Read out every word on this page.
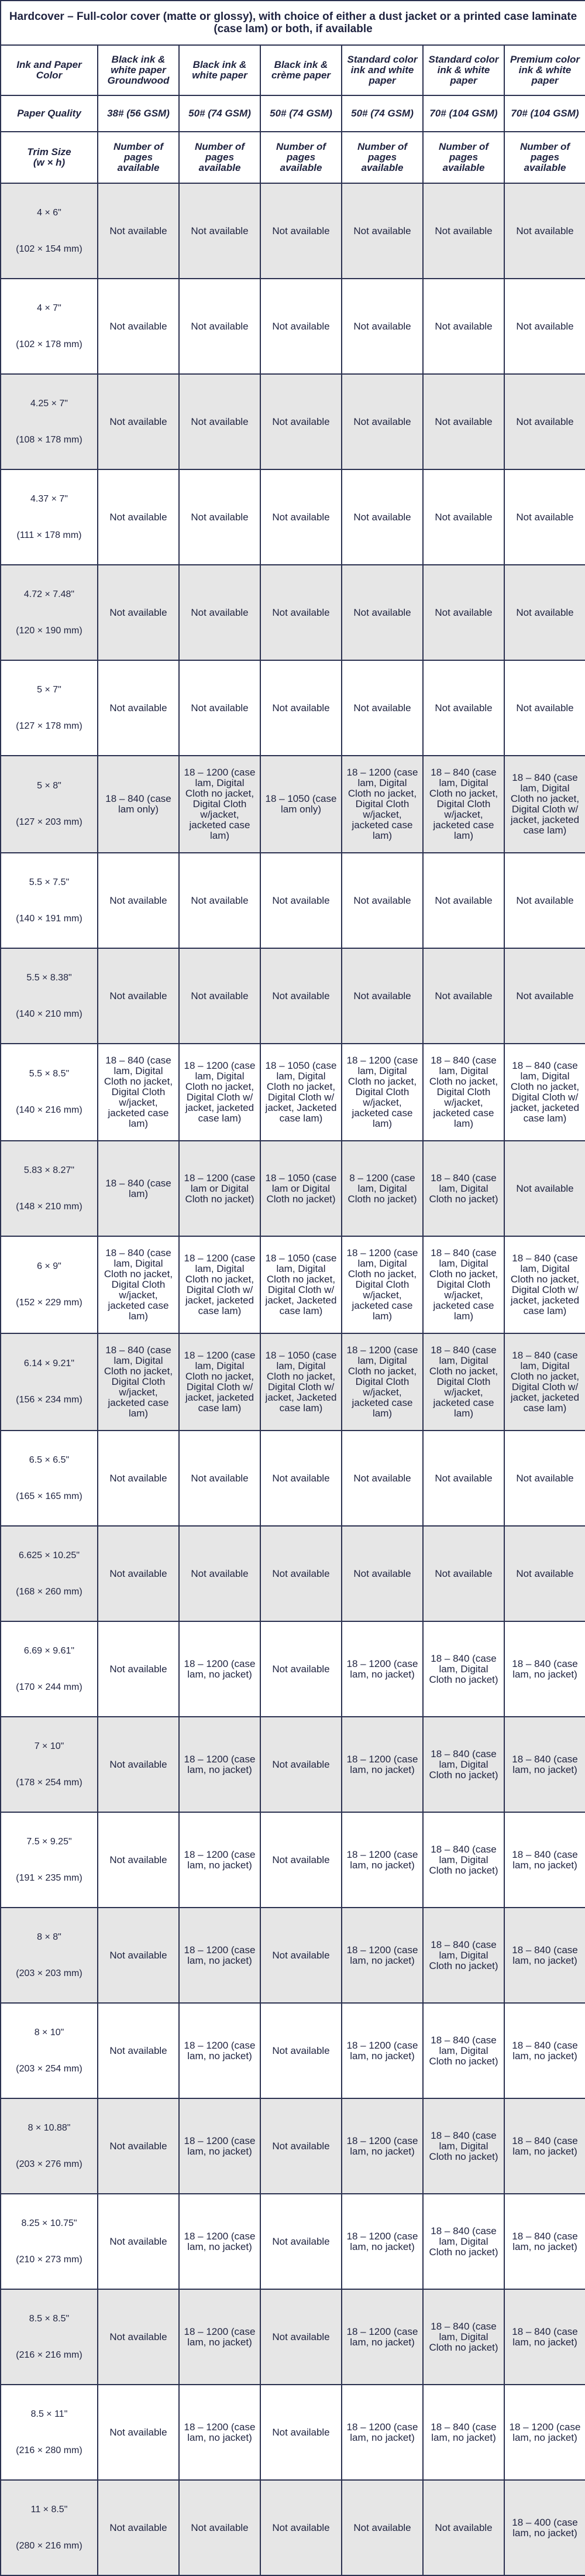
Hardcover – Full-color cover (matte or glossy), with choice of either a dust jacket or a printed case laminate (case lam) or both, if available						
Ink and Paper Color	Black ink & white paper Groundwood	Black ink & white paper	Black ink & crème paper	Standard color ink and white paper	Standard color ink & white paper	Premium color ink & white paper
Paper Quality	38# (56 GSM)	50# (74 GSM)	50# (74 GSM)	50# (74 GSM)	70# (104 GSM)	70# (104 GSM)
Trim Size
(w × h)	Number of pages available	Number of pages available	Number of pages available	Number of pages available	Number of pages available	Number of pages available

4 × 6"
(102 × 154 mm)	Not available	Not available	Not available	Not available	Not available	Not available

4 × 7"
(102 × 178 mm)	Not available	Not available	Not available	Not available	Not available	Not available

4.25 × 7"
(108 × 178 mm)	Not available	Not available	Not available	Not available	Not available	Not available

4.37 × 7"
(111 × 178 mm)	Not available	Not available	Not available	Not available	Not available	Not available

4.72 × 7.48"
(120 × 190 mm)	Not available	Not available	Not available	Not available	Not available	Not available

5 × 7"
(127 × 178 mm)	Not available	Not available	Not available	Not available	Not available	Not available

5 × 8"
(127 × 203 mm)	18 – 840 (case lam only)	18 – 1200 (case lam, Digital Cloth no jacket, Digital Cloth w/jacket, jacketed case lam)	18 – 1050 (case lam only)	18 – 1200 (case lam, Digital Cloth no jacket, Digital Cloth w/jacket, jacketed case lam)	18 – 840 (case lam, Digital Cloth no jacket, Digital Cloth w/jacket, jacketed case lam)	18 – 840 (case lam, Digital Cloth no jacket, Digital Cloth w/ jacket, jacketed case lam)

5.5 × 7.5"
(140 × 191 mm)	Not available	Not available	Not available	Not available	Not available	Not available

5.5 × 8.38"
(140 × 210 mm)	Not available	Not available	Not available	Not available	Not available	Not available

5.5 × 8.5"
(140 × 216 mm)	18 – 840 (case lam, Digital Cloth no jacket, Digital Cloth w/jacket, jacketed case lam)	18 – 1200 (case lam, Digital Cloth no jacket, Digital Cloth w/ jacket, jacketed case lam)	18 – 1050 (case lam, Digital Cloth no jacket, Digital Cloth w/ jacket, Jacketed case lam)	18 – 1200 (case lam, Digital Cloth no jacket, Digital Cloth w/jacket, jacketed case lam)	18 – 840 (case lam, Digital Cloth no jacket, Digital Cloth w/jacket, jacketed case lam)	18 – 840 (case lam, Digital Cloth no jacket, Digital Cloth w/ jacket, jacketed case lam)

5.83 × 8.27"
(148 × 210 mm)	18 – 840 (case lam)	18 – 1200 (case lam or Digital Cloth no jacket)	18 – 1050 (case lam or Digital Cloth no jacket)	8 – 1200 (case lam, Digital Cloth no jacket)	18 – 840 (case lam, Digital Cloth no jacket)	Not available

6 × 9"
(152 × 229 mm)	18 – 840 (case lam, Digital Cloth no jacket, Digital Cloth w/jacket, jacketed case lam)	18 – 1200 (case lam, Digital Cloth no jacket, Digital Cloth w/ jacket, jacketed case lam)	18 – 1050 (case lam, Digital Cloth no jacket, Digital Cloth w/ jacket, Jacketed case lam)	18 – 1200 (case lam, Digital Cloth no jacket, Digital Cloth w/jacket, jacketed case lam)	18 – 840 (case lam, Digital Cloth no jacket, Digital Cloth w/jacket, jacketed case lam)	18 – 840 (case lam, Digital Cloth no jacket, Digital Cloth w/ jacket, jacketed case lam)

6.14 × 9.21"
(156 × 234 mm)	18 – 840 (case lam, Digital Cloth no jacket, Digital Cloth w/jacket, jacketed case lam)	18 – 1200 (case lam, Digital Cloth no jacket, Digital Cloth w/ jacket, jacketed case lam)	18 – 1050 (case lam, Digital Cloth no jacket, Digital Cloth w/ jacket, Jacketed case lam)	18 – 1200 (case lam, Digital Cloth no jacket, Digital Cloth w/jacket, jacketed case lam)	18 – 840 (case lam, Digital Cloth no jacket, Digital Cloth w/jacket, jacketed case lam)	18 – 840 (case lam, Digital Cloth no jacket, Digital Cloth w/ jacket, jacketed case lam)

6.5 × 6.5"
(165 × 165 mm)	Not available	Not available	Not available	Not available	Not available	Not available

6.625 × 10.25"
(168 × 260 mm)	Not available	Not available	Not available	Not available	Not available	Not available

6.69 × 9.61"
(170 × 244 mm)	Not available	18 – 1200 (case lam, no jacket)	Not available	18 – 1200 (case lam, no jacket)	18 – 840 (case lam, Digital Cloth no jacket)	18 – 840 (case lam, no jacket)

7 × 10"
(178 × 254 mm)	Not available	18 – 1200 (case lam, no jacket)	Not available	18 – 1200 (case lam, no jacket)	18 – 840 (case lam, Digital Cloth no jacket)	18 – 840 (case lam, no jacket)

7.5 × 9.25"
(191 × 235 mm)	Not available	18 – 1200 (case lam, no jacket)	Not available	18 – 1200 (case lam, no jacket)	18 – 840 (case lam, Digital Cloth no jacket)	18 – 840 (case lam, no jacket)

8 × 8"
(203 × 203 mm)	Not available	18 – 1200 (case lam, no jacket)	Not available	18 – 1200 (case lam, no jacket)	18 – 840 (case lam, Digital Cloth no jacket)	18 – 840 (case lam, no jacket)

8 × 10"
(203 × 254 mm)	Not available	18 – 1200 (case lam, no jacket)	Not available	18 – 1200 (case lam, no jacket)	18 – 840 (case lam, Digital Cloth no jacket)	18 – 840 (case lam, no jacket)

8 × 10.88"
(203 × 276 mm)	Not available	18 – 1200 (case lam, no jacket)	Not available	18 – 1200 (case lam, no jacket)	18 – 840 (case lam, Digital Cloth no jacket)	18 – 840 (case lam, no jacket)

8.25 × 10.75"
(210 × 273 mm)	Not available	18 – 1200 (case lam, no jacket)	Not available	18 – 1200 (case lam, no jacket)	18 – 840 (case lam, Digital Cloth no jacket)	18 – 840 (case lam, no jacket)

8.5 × 8.5"
(216 × 216 mm)	Not available	18 – 1200 (case lam, no jacket)	Not available	18 – 1200 (case lam, no jacket)	18 – 840 (case lam, Digital Cloth no jacket)	18 – 840 (case lam, no jacket)

8.5 × 11"
(216 × 280 mm)	Not available	18 – 1200 (case lam, no jacket)	Not available	18 – 1200 (case lam, no jacket)	18 – 840 (case lam, no jacket)	18 – 1200 (case lam, no jacket)

11 × 8.5"
(280 × 216 mm)	Not available	Not available	Not available	Not available	Not available	18 – 400 (case lam, no jacket)
